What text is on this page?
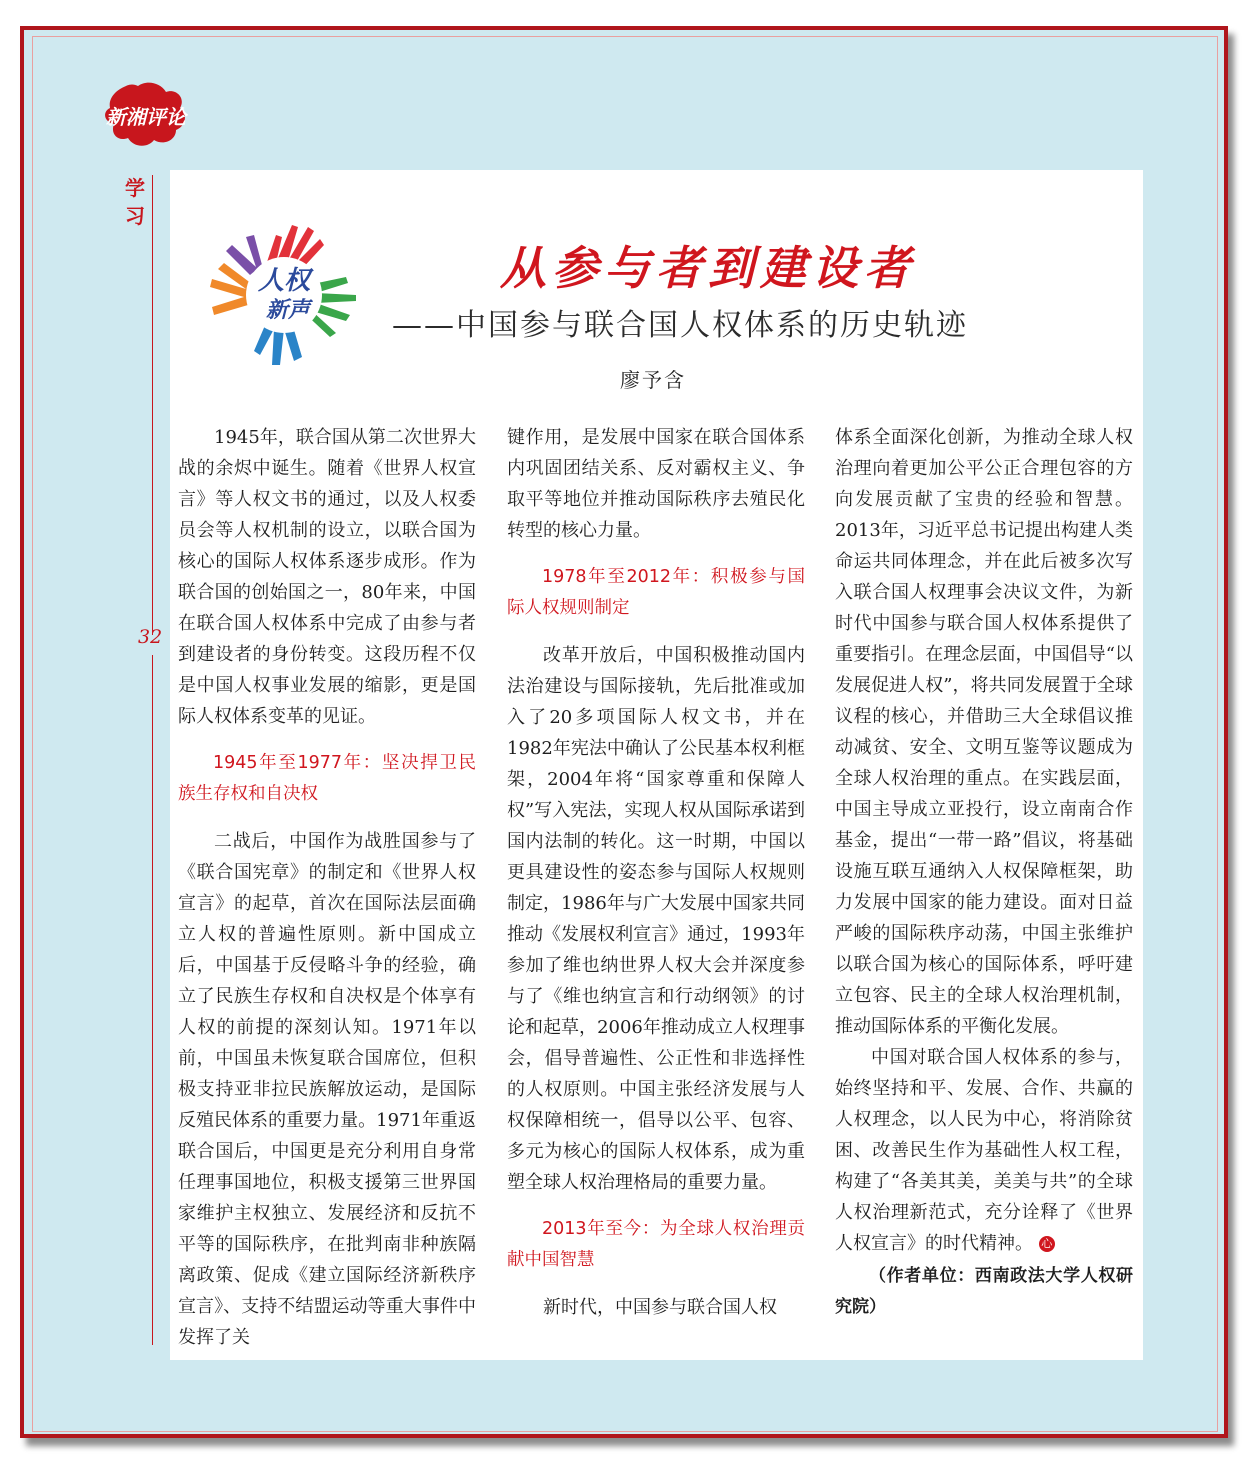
新湘评论
学习
32
人权
新声
从参与者到建设者
——中国参与联合国人权体系的历史轨迹
廖予含

1945年，联合国从第二次世界大战的余烬中诞生。随着《世界人权宣言》等人权文书的通过，以及人权委员会等人权机制的设立，以联合国为核心的国际人权体系逐步成形。作为联合国的创始国之一，80年来，中国在联合国人权体系中完成了由参与者到建设者的身份转变。这段历程不仅是中国人权事业发展的缩影，更是国际人权体系变革的见证。

1945年至1977年：坚决捍卫民族生存权和自决权

二战后，中国作为战胜国参与了《联合国宪章》的制定和《世界人权宣言》的起草，首次在国际法层面确立人权的普遍性原则。新中国成立后，中国基于反侵略斗争的经验，确立了民族生存权和自决权是个体享有人权的前提的深刻认知。1971年以前，中国虽未恢复联合国席位，但积极支持亚非拉民族解放运动，是国际反殖民体系的重要力量。1971年重返联合国后，中国更是充分利用自身常任理事国地位，积极支援第三世界国家维护主权独立、发展经济和反抗不平等的国际秩序，在批判南非种族隔离政策、促成《建立国际经济新秩序宣言》、支持不结盟运动等重大事件中发挥了关

键作用，是发展中国家在联合国体系内巩固团结关系、反对霸权主义、争取平等地位并推动国际秩序去殖民化转型的核心力量。

1978年至2012年：积极参与国际人权规则制定

改革开放后，中国积极推动国内法治建设与国际接轨，先后批准或加入了20多项国际人权文书，并在1982年宪法中确认了公民基本权利框架，2004年将“国家尊重和保障人权”写入宪法，实现人权从国际承诺到国内法制的转化。这一时期，中国以更具建设性的姿态参与国际人权规则制定，1986年与广大发展中国家共同推动《发展权利宣言》通过，1993年参加了维也纳世界人权大会并深度参与了《维也纳宣言和行动纲领》的讨论和起草，2006年推动成立人权理事会，倡导普遍性、公正性和非选择性的人权原则。中国主张经济发展与人权保障相统一，倡导以公平、包容、多元为核心的国际人权体系，成为重塑全球人权治理格局的重要力量。

2013年至今：为全球人权治理贡献中国智慧

新时代，中国参与联合国人权

体系全面深化创新，为推动全球人权治理向着更加公平公正合理包容的方向发展贡献了宝贵的经验和智慧。2013年，习近平总书记提出构建人类命运共同体理念，并在此后被多次写入联合国人权理事会决议文件，为新时代中国参与联合国人权体系提供了重要指引。在理念层面，中国倡导“以发展促进人权”，将共同发展置于全球议程的核心，并借助三大全球倡议推动减贫、安全、文明互鉴等议题成为全球人权治理的重点。在实践层面，中国主导成立亚投行，设立南南合作基金，提出“一带一路”倡议，将基础设施互联互通纳入人权保障框架，助力发展中国家的能力建设。面对日益严峻的国际秩序动荡，中国主张维护以联合国为核心的国际体系，呼吁建立包容、民主的全球人权治理机制，推动国际体系的平衡化发展。

中国对联合国人权体系的参与，始终坚持和平、发展、合作、共赢的人权理念，以人民为中心，将消除贫困、改善民生作为基础性人权工程，构建了“各美其美，美美与共”的全球人权治理新范式，充分诠释了《世界人权宣言》的时代精神。 心

（作者单位：西南政法大学人权研究院）
